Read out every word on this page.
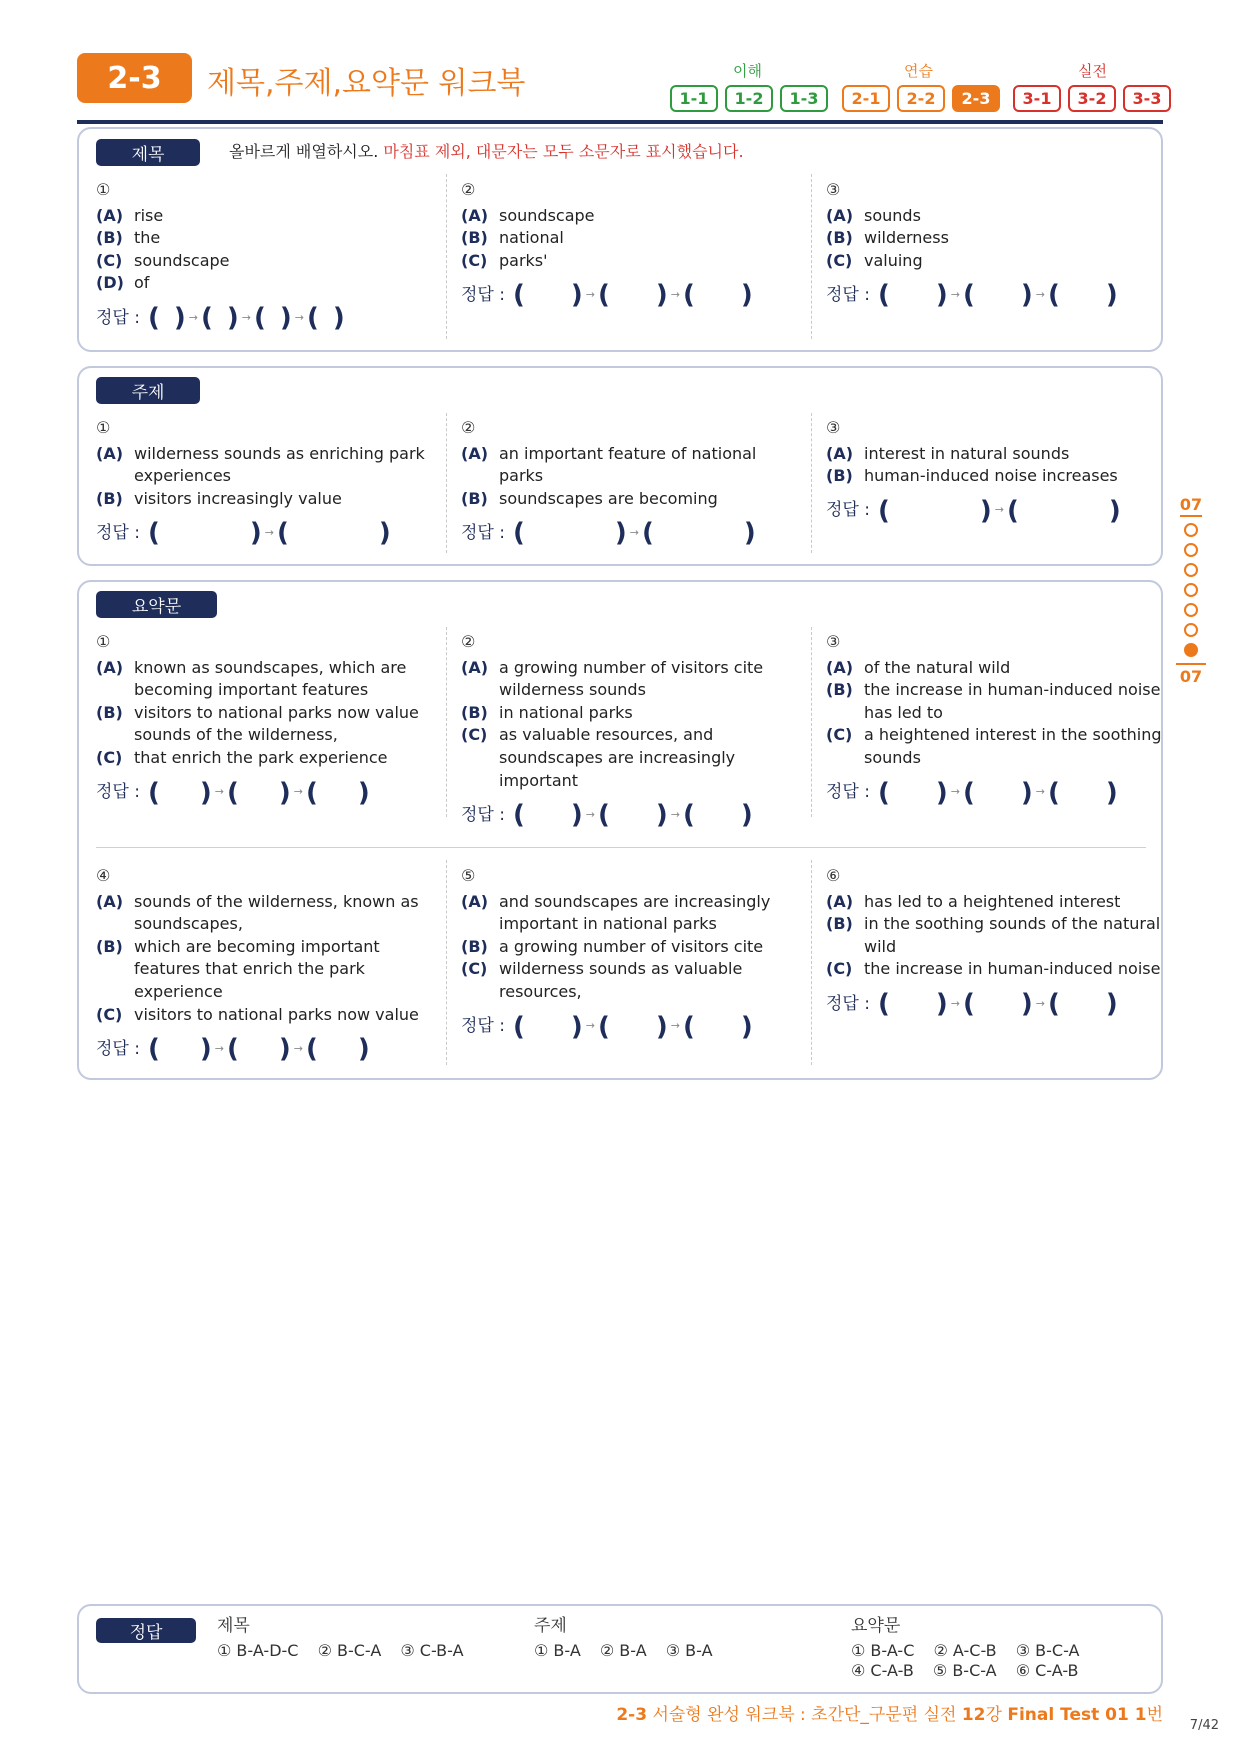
2-3	제목,주제,요약문 워크북	이해
1-1	1-2	1-3
연습
2-1	2-2	2-3
실전
3-1	3-2	3-3
제목	올바르게 배열하시오. 마침표 제외, 대문자는 모두 소문자로 표시했습니다.
①
(A) rise
(B) the
(C) soundscape
(D) of
정답 : ( ) → ( ) → ( ) → ( )
②
(A) soundscape
(B) national
(C) parks'
정답 : ( ) → ( ) → ( )
③
(A) sounds
(B) wilderness
(C) valuing
정답 : ( ) → ( ) → ( )
주제
①
(A) wilderness sounds as enriching park experiences
(B) visitors increasingly value
정답 : (	) → (	)
②
(A) an important feature of national parks
(B) soundscapes are becoming
정답 : (	) → (	)
③
(A) interest in natural sounds
(B) human-induced noise increases
정답 : (	) → (	)
요약문
①
(A) known as soundscapes, which are becoming important features
(B) visitors to national parks now value sounds of the wilderness,
(C) that enrich the park experience
정답 : ( ) → ( ) → ( )
②
(A) a growing number of visitors cite wilderness sounds
(B) in national parks
(C) as valuable resources, and soundscapes are increasingly important
정답 : ( ) → ( ) → ( )
③
(A) of the natural wild
(B) the increase in human-induced noise has led to
(C) a heightened interest in the soothing sounds
정답 : ( ) → ( ) → ( )
④
(A) sounds of the wilderness, known as soundscapes,
(B) which are becoming important features that enrich the park experience
(C) visitors to national parks now value
정답 : ( ) → ( ) → ( )
⑤
(A) and soundscapes are increasingly important in national parks
(B) a growing number of visitors cite
(C) wilderness sounds as valuable resources,
정답 : ( ) → ( ) → ( )
⑥
(A) has led to a heightened interest
(B) in the soothing sounds of the natural wild
(C) the increase in human-induced noise
정답 : ( ) → ( ) → ( )
07
07
정답	제목
① B-A-D-C ② B-C-A ③ C-B-A
주제
① B-A ② B-A ③ B-A
요약문
① B-A-C ② A-C-B ③ B-C-A
④ C-A-B ⑤ B-C-A ⑥ C-A-B
2-3 서술형 완성 워크북 : 초간단_구문편 실전 12강 Final Test 01 1번
7/42
